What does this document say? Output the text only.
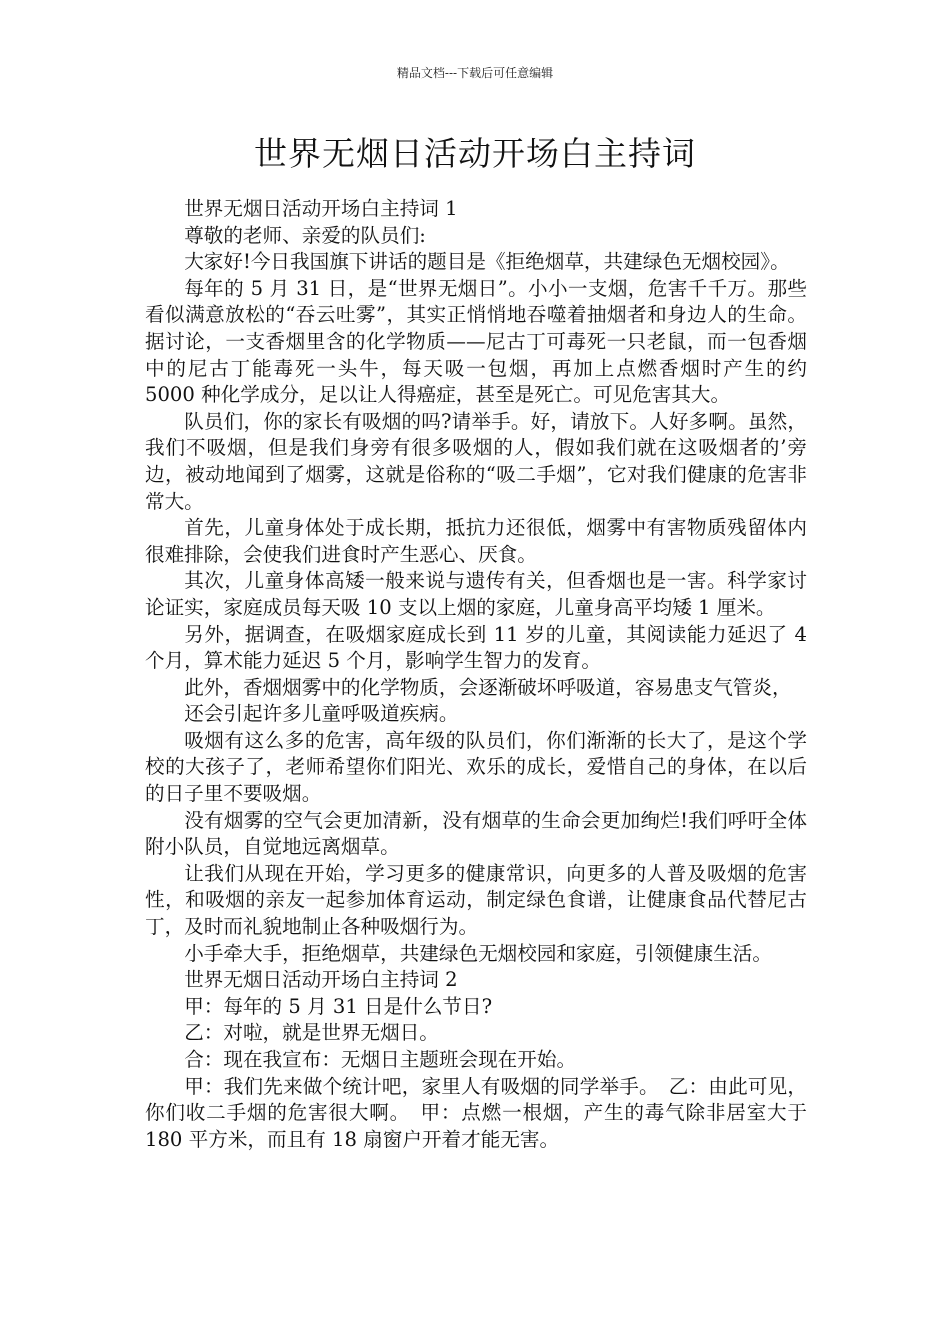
精品文档---下载后可任意编辑
世界无烟日活动开场白主持词

世界无烟日活动开场白主持词 1

尊敬的老师、亲爱的队员们:

大家好!今日我国旗下讲话的题目是《拒绝烟草，共建绿色无烟校园》。

每年的 5 月 31 日，是“世界无烟日”。小小一支烟，危害千千万。那些看似满意放松的“吞云吐雾”，其实正悄悄地吞噬着抽烟者和身边人的生命。据讨论，一支香烟里含的化学物质——尼古丁可毒死一只老鼠，而一包香烟中的尼古丁能毒死一头牛，每天吸一包烟，再加上点燃香烟时产生的约 5000 种化学成分，足以让人得癌症，甚至是死亡。可见危害其大。

队员们，你的家长有吸烟的吗?请举手。好，请放下。人好多啊。虽然，我们不吸烟，但是我们身旁有很多吸烟的人，假如我们就在这吸烟者的’旁边，被动地闻到了烟雾，这就是俗称的“吸二手烟”，它对我们健康的危害非常大。

首先，儿童身体处于成长期，抵抗力还很低，烟雾中有害物质残留体内很难排除，会使我们进食时产生恶心、厌食。

其次，儿童身体高矮一般来说与遗传有关，但香烟也是一害。科学家讨论证实，家庭成员每天吸 10 支以上烟的家庭，儿童身高平均矮 1 厘米。

另外，据调查，在吸烟家庭成长到 11 岁的儿童，其阅读能力延迟了 4 个月，算术能力延迟 5 个月，影响学生智力的发育。

此外，香烟烟雾中的化学物质，会逐渐破坏呼吸道，容易患支气管炎，

还会引起许多儿童呼吸道疾病。

吸烟有这么多的危害，高年级的队员们，你们渐渐的长大了，是这个学校的大孩子了，老师希望你们阳光、欢乐的成长，爱惜自己的身体，在以后的日子里不要吸烟。

没有烟雾的空气会更加清新，没有烟草的生命会更加绚烂!我们呼吁全体附小队员，自觉地远离烟草。

让我们从现在开始，学习更多的健康常识，向更多的人普及吸烟的危害性，和吸烟的亲友一起参加体育运动，制定绿色食谱，让健康食品代替尼古丁，及时而礼貌地制止各种吸烟行为。

小手牵大手，拒绝烟草，共建绿色无烟校园和家庭，引领健康生活。

世界无烟日活动开场白主持词 2

甲：每年的 5 月 31 日是什么节日?

乙：对啦，就是世界无烟日。

合：现在我宣布：无烟日主题班会现在开始。

甲：我们先来做个统计吧，家里人有吸烟的同学举手。　乙：由此可见，你们收二手烟的危害很大啊。　甲：点燃一根烟，产生的毒气除非居室大于 180 平方米，而且有 18 扇窗户开着才能无害。
